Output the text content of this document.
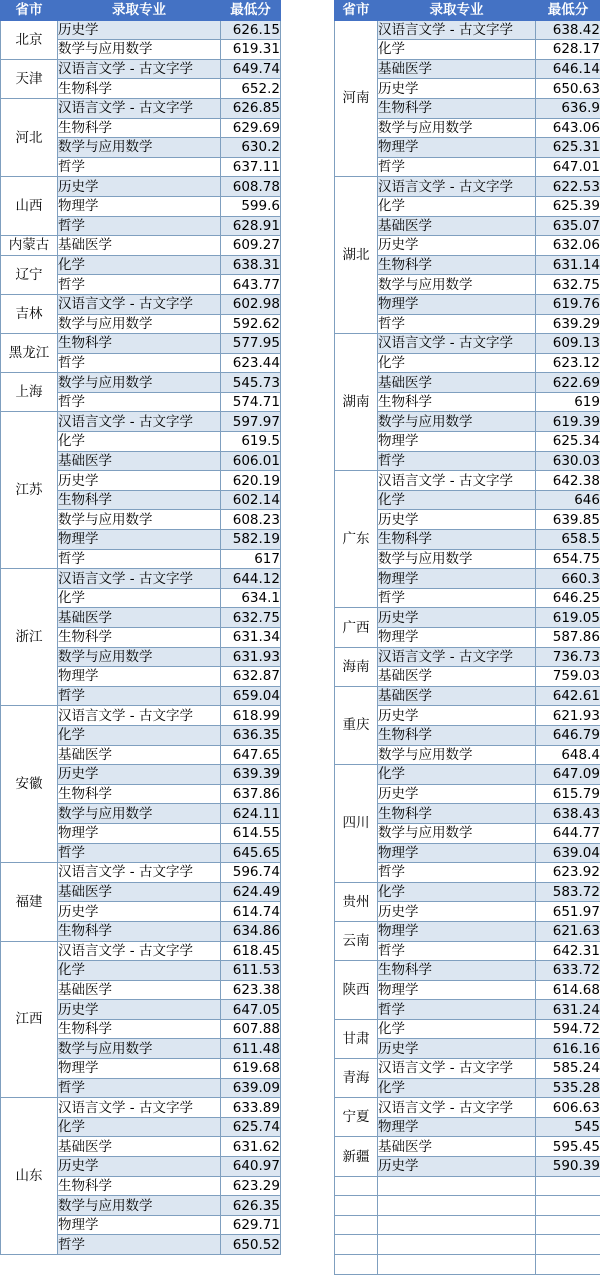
省市	录取专业	最低分
北京	历史学	626.15
	数学与应用数学	619.31
天津	汉语言文学 - 古文字学	649.74
	生物科学	652.2
河北	汉语言文学 - 古文字学	626.85
	生物科学	629.69
	数学与应用数学	630.2
	哲学	637.11
山西	历史学	608.78
	物理学	599.6
	哲学	628.91
内蒙古	基础医学	609.27
辽宁	化学	638.31
	哲学	643.77
吉林	汉语言文学 - 古文字学	602.98
	数学与应用数学	592.62
黑龙江	生物科学	577.95
	哲学	623.44
上海	数学与应用数学	545.73
	哲学	574.71
江苏	汉语言文学 - 古文字学	597.97
	化学	619.5
	基础医学	606.01
	历史学	620.19
	生物科学	602.14
	数学与应用数学	608.23
	物理学	582.19
	哲学	617
浙江	汉语言文学 - 古文字学	644.12
	化学	634.1
	基础医学	632.75
	生物科学	631.34
	数学与应用数学	631.93
	物理学	632.87
	哲学	659.04
安徽	汉语言文学 - 古文字学	618.99
	化学	636.35
	基础医学	647.65
	历史学	639.39
	生物科学	637.86
	数学与应用数学	624.11
	物理学	614.55
	哲学	645.65
福建	汉语言文学 - 古文字学	596.74
	基础医学	624.49
	历史学	614.74
	生物科学	634.86
江西	汉语言文学 - 古文字学	618.45
	化学	611.53
	基础医学	623.38
	历史学	647.05
	生物科学	607.88
	数学与应用数学	611.48
	物理学	619.68
	哲学	639.09
山东	汉语言文学 - 古文字学	633.89
	化学	625.74
	基础医学	631.62
	历史学	640.97
	生物科学	623.29
	数学与应用数学	626.35
	物理学	629.71
	哲学	650.52
省市	录取专业	最低分
河南	汉语言文学 - 古文字学	638.42
	化学	628.17
	基础医学	646.14
	历史学	650.63
	生物科学	636.9
	数学与应用数学	643.06
	物理学	625.31
	哲学	647.01
湖北	汉语言文学 - 古文字学	622.53
	化学	625.39
	基础医学	635.07
	历史学	632.06
	生物科学	631.14
	数学与应用数学	632.75
	物理学	619.76
	哲学	639.29
湖南	汉语言文学 - 古文字学	609.13
	化学	623.12
	基础医学	622.69
	生物科学	619
	数学与应用数学	619.39
	物理学	625.34
	哲学	630.03
广东	汉语言文学 - 古文字学	642.38
	化学	646
	历史学	639.85
	生物科学	658.5
	数学与应用数学	654.75
	物理学	660.3
	哲学	646.25
广西	历史学	619.05
	物理学	587.86
海南	汉语言文学 - 古文字学	736.73
	基础医学	759.03
重庆	基础医学	642.61
	历史学	621.93
	生物科学	646.79
	数学与应用数学	648.4
四川	化学	647.09
	历史学	615.79
	生物科学	638.43
	数学与应用数学	644.77
	物理学	639.04
	哲学	623.92
贵州	化学	583.72
	历史学	651.97
云南	物理学	621.63
	哲学	642.31
陕西	生物科学	633.72
	物理学	614.68
	哲学	631.24
甘肃	化学	594.72
	历史学	616.16
青海	汉语言文学 - 古文字学	585.24
	化学	535.28
宁夏	汉语言文学 - 古文字学	606.63
	物理学	545
新疆	基础医学	595.45
	历史学	590.39
